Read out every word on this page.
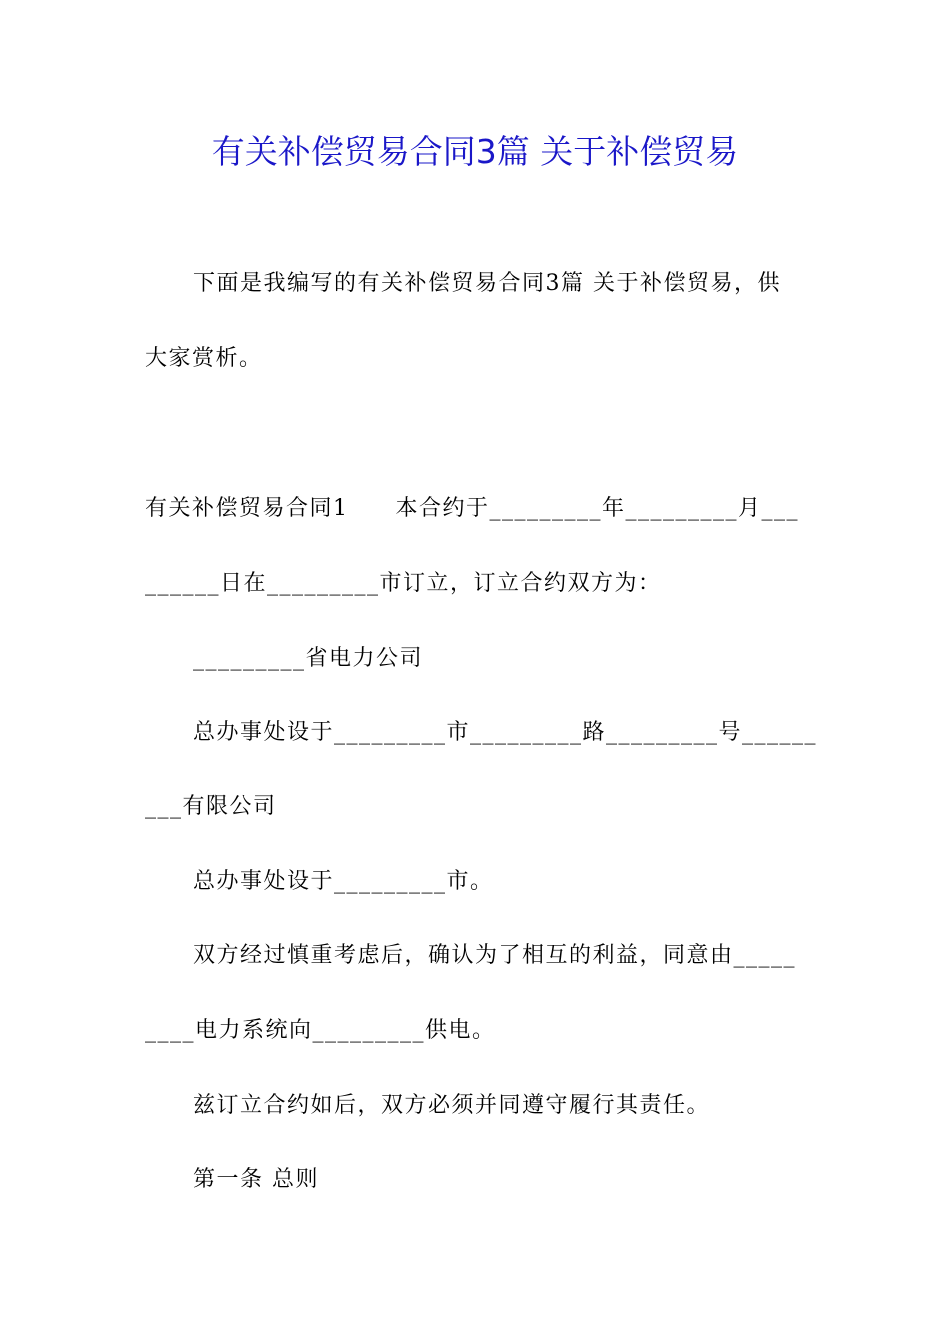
有关补偿贸易合同3篇 关于补偿贸易
下面是我编写的有关补偿贸易合同3篇 关于补偿贸易，供
大家赏析。
有关补偿贸易合同1　　本合约于_________年_________月___
______日在_________市订立，订立合约双方为：
_________省电力公司
总办事处设于_________市_________路_________号______
___有限公司
总办事处设于_________市。
双方经过慎重考虑后，确认为了相互的利益，同意由_____
____电力系统向_________供电。
兹订立合约如后，双方必须并同遵守履行其责任。
第一条 总则
